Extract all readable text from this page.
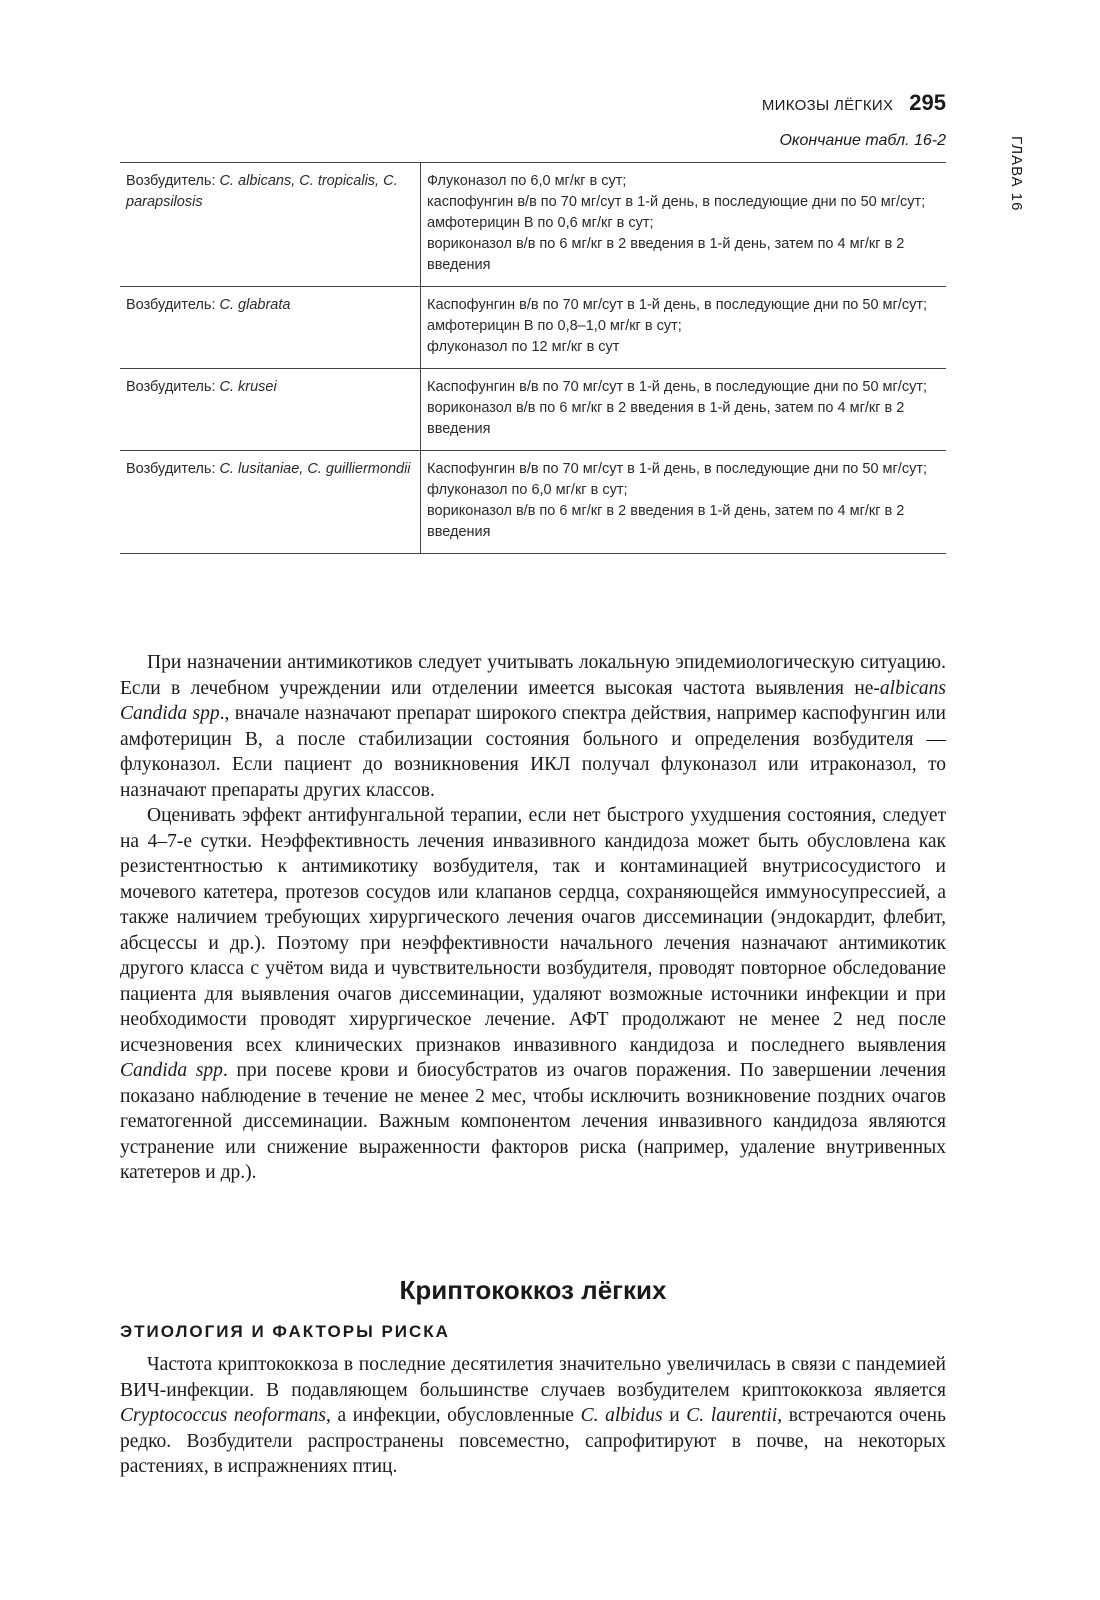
МИКОЗЫ ЛЁГКИХ 295
ГЛАВА 16
Окончание табл. 16-2
Возбудитель: C. albicans, C. tropicalis, C. parapsilosis	Флуконазол по 6,0 мг/кг в сут;
каспофунгин в/в по 70 мг/сут в 1-й день, в последующие дни по 50 мг/сут;
амфотерицин В по 0,6 мг/кг в сут;
вориконазол в/в по 6 мг/кг в 2 введения в 1-й день, затем по 4 мг/кг в 2 введения

Возбудитель: C. glabrata	Каспофунгин в/в по 70 мг/сут в 1-й день, в последующие дни по 50 мг/сут;
амфотерицин В по 0,8–1,0 мг/кг в сут;
флуконазол по 12 мг/кг в сут

Возбудитель: C. krusei	Каспофунгин в/в по 70 мг/сут в 1-й день, в последующие дни по 50 мг/сут;
вориконазол в/в по 6 мг/кг в 2 введения в 1-й день, затем по 4 мг/кг в 2 введения

Возбудитель: C. lusitaniae, C. guilliermondii	Каспофунгин в/в по 70 мг/сут в 1-й день, в последующие дни по 50 мг/сут;
флуконазол по 6,0 мг/кг в сут;
вориконазол в/в по 6 мг/кг в 2 введения в 1-й день, затем по 4 мг/кг в 2 введения

При назначении антимикотиков следует учитывать локальную эпидемиологическую ситуацию. Если в лечебном учреждении или отделении имеется высокая частота выявления не-albicans Candida spp., вначале назначают препарат широкого спектра действия, например каспофунгин или амфотерицин В, а после стабилизации состояния больного и определения возбудителя — флуконазол. Если пациент до возникновения ИКЛ получал флуконазол или итраконазол, то назначают препараты других классов.

Оценивать эффект антифунгальной терапии, если нет быстрого ухудшения состояния, следует на 4–7-е сутки. Неэффективность лечения инвазивного кандидоза может быть обусловлена как резистентностью к антимикотику возбудителя, так и контаминацией внутрисосудистого и мочевого катетера, протезов сосудов или клапанов сердца, сохраняющейся иммуносупрессией, а также наличием требующих хирургического лечения очагов диссеминации (эндокардит, флебит, абсцессы и др.). Поэтому при неэффективности начального лечения назначают антимикотик другого класса с учётом вида и чувствительности возбудителя, проводят повторное обследование пациента для выявления очагов диссеминации, удаляют возможные источники инфекции и при необходимости проводят хирургическое лечение. АФТ продолжают не менее 2 нед после исчезновения всех клинических признаков инвазивного кандидоза и последнего выявления Candida spp. при посеве крови и биосубстратов из очагов поражения. По завершении лечения показано наблюдение в течение не менее 2 мес, чтобы исключить возникновение поздних очагов гематогенной диссеминации. Важным компонентом лечения инвазивного кандидоза являются устранение или снижение выраженности факторов риска (например, удаление внутривенных катетеров и др.).

Криптококкоз лёгких
ЭТИОЛОГИЯ И ФАКТОРЫ РИСКА

Частота криптококкоза в последние десятилетия значительно увеличилась в связи с пандемией ВИЧ-инфекции. В подавляющем большинстве случаев возбудителем криптококкоза является Cryptococcus neoformans, а инфекции, обусловленные C. albidus и C. laurentii, встречаются очень редко. Возбудители распространены повсеместно, сапрофитируют в почве, на некоторых растениях, в испражнениях птиц.
